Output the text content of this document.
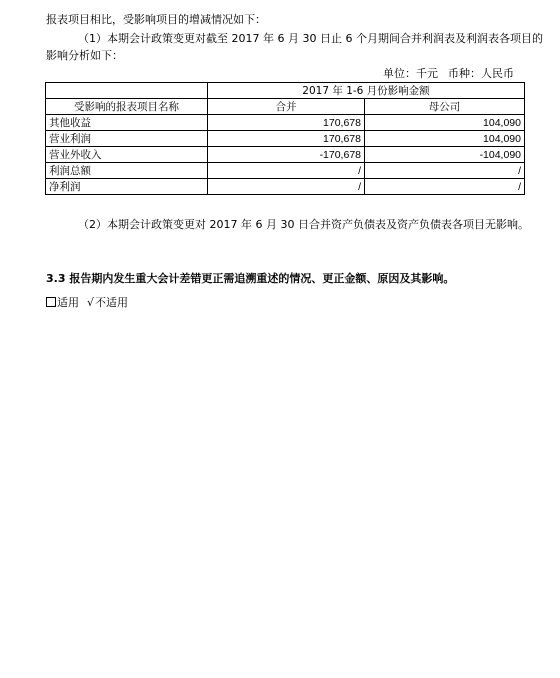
报表项目相比，受影响项目的增减情况如下：
（1）本期会计政策变更对截至 2017 年 6 月 30 日止 6 个月期间合并利润表及利润表各项目的
影响分析如下：
单位：千元 币种：人民币
	2017 年 1-6 月份影响金额	
受影响的报表项目名称	合并	母公司
其他收益	170,678	104,090
营业利润	170,678	104,090
营业外收入	-170,678	-104,090
利润总额	/	/
净利润	/	/
（2）本期会计政策变更对 2017 年 6 月 30 日合并资产负债表及资产负债表各项目无影响。
3.3 报告期内发生重大会计差错更正需追溯重述的情况、更正金额、原因及其影响。
适用 √不适用
